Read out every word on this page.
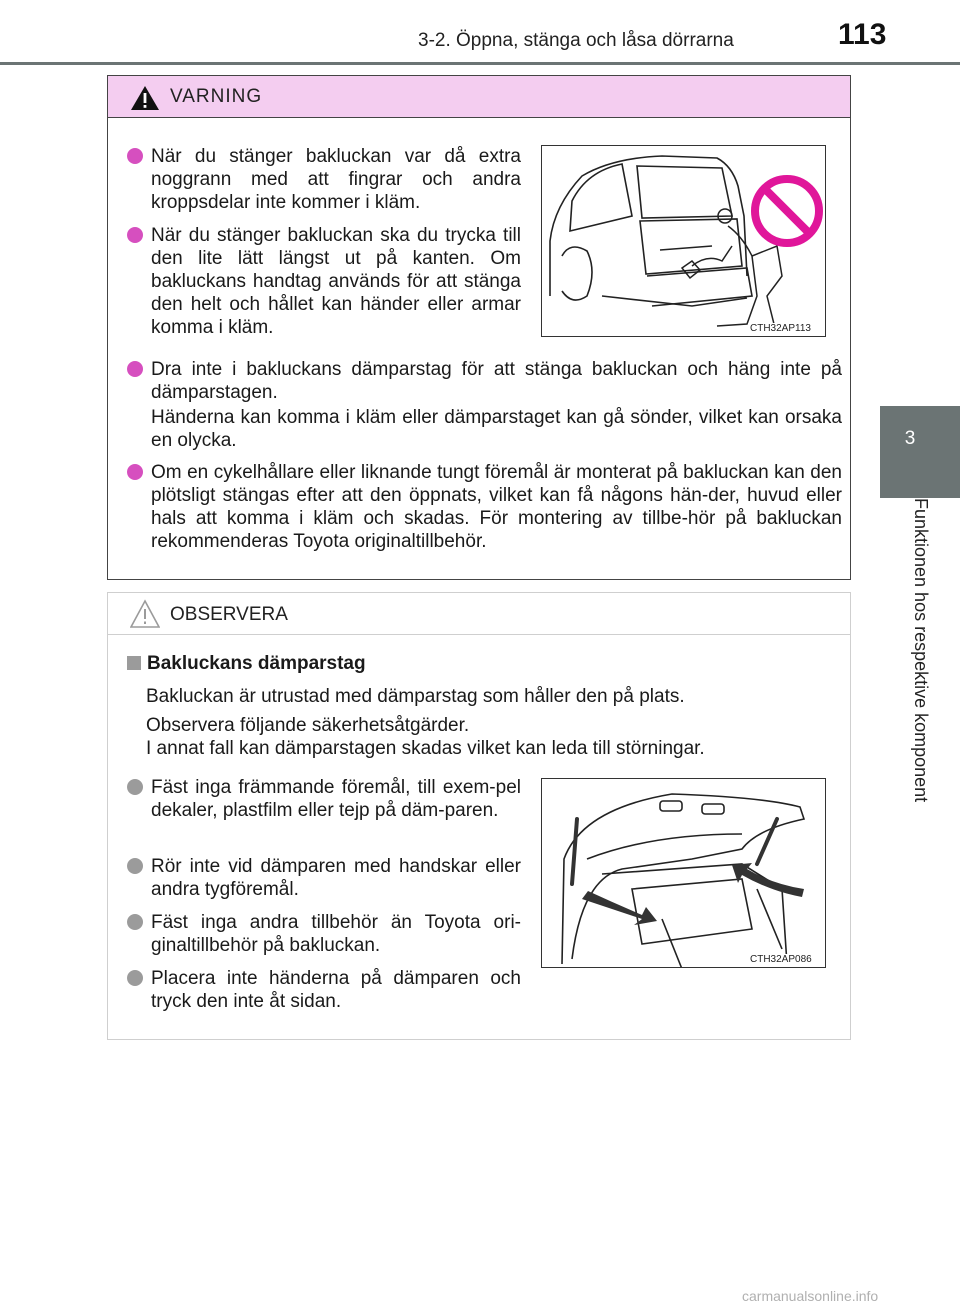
3-2. Öppna, stänga och låsa dörrarna	113
3
Funktionen hos respektive komponent
VARNING
När du stänger bakluckan var då extra noggrann med att fingrar och andra kroppsdelar inte kommer i kläm.
När du stänger bakluckan ska du trycka till den lite lätt längst ut på kanten. Om bakluckans handtag används för att stänga den helt och hållet kan händer eller armar komma i kläm.	CTH32AP113
Dra inte i bakluckans dämparstag för att stänga bakluckan och häng inte på dämparstagen.
Händerna kan komma i kläm eller dämparstaget kan gå sönder, vilket kan orsaka en olycka.
Om en cykelhållare eller liknande tungt föremål är monterat på bakluckan kan den plötsligt stängas efter att den öppnats, vilket kan få någons hän-der, huvud eller hals att komma i kläm och skadas. För montering av tillbe-hör på bakluckan rekommenderas Toyota originaltillbehör.
OBSERVERA
Bakluckans dämparstag
Bakluckan är utrustad med dämparstag som håller den på plats.
Observera följande säkerhetsåtgärder.
I annat fall kan dämparstagen skadas vilket kan leda till störningar.
Fäst inga främmande föremål, till exem-pel dekaler, plastfilm eller tejp på däm-paren.
Rör inte vid dämparen med handskar eller andra tygföremål.
Fäst inga andra tillbehör än Toyota ori-ginaltillbehör på bakluckan.
Placera inte händerna på dämparen och tryck den inte åt sidan.
CTH32AP086
carmanualsonline.info
